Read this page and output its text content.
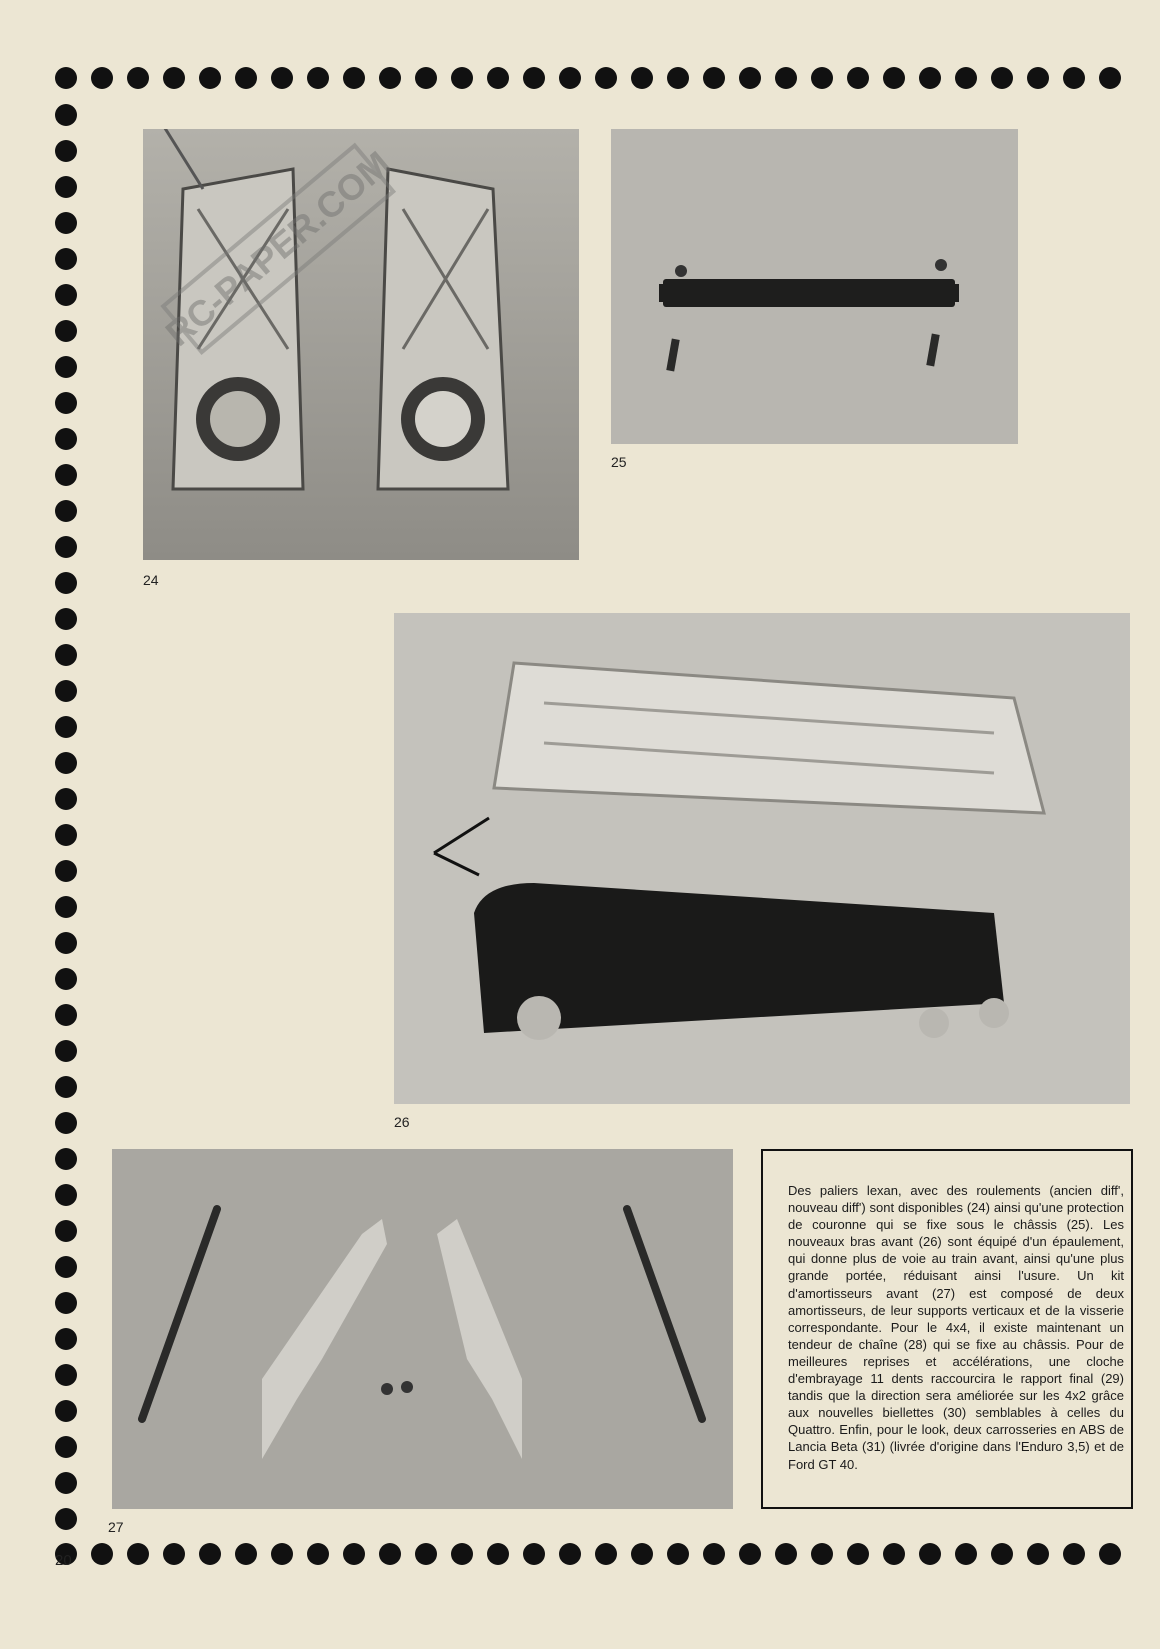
RC-PAPER.COM
24
25
26
27
Des paliers lexan, avec des roulements (ancien diff', nouveau diff') sont disponibles (24) ainsi qu'une protection de couronne qui se fixe sous le châssis (25). Les nouveaux bras avant (26) sont équipé d'un épaulement, qui donne plus de voie au train avant, ainsi qu'une plus grande portée, réduisant ainsi l'usure. Un kit d'amortisseurs avant (27) est composé de deux amortisseurs, de leur supports verticaux et de la visserie correspondante. Pour le 4x4, il existe maintenant un tendeur de chaîne (28) qui se fixe au châssis. Pour de meilleures reprises et accélérations, une cloche d'embrayage 11 dents raccourcira le rapport final (29) tandis que la direction sera améliorée sur les 4x2 grâce aux nouvelles biellettes (30) semblables à celles du Quattro. Enfin, pour le look, deux carrosseries en ABS de Lancia Beta (31) (livrée d'origine dans l'Enduro 3,5) et de Ford GT 40.
20
